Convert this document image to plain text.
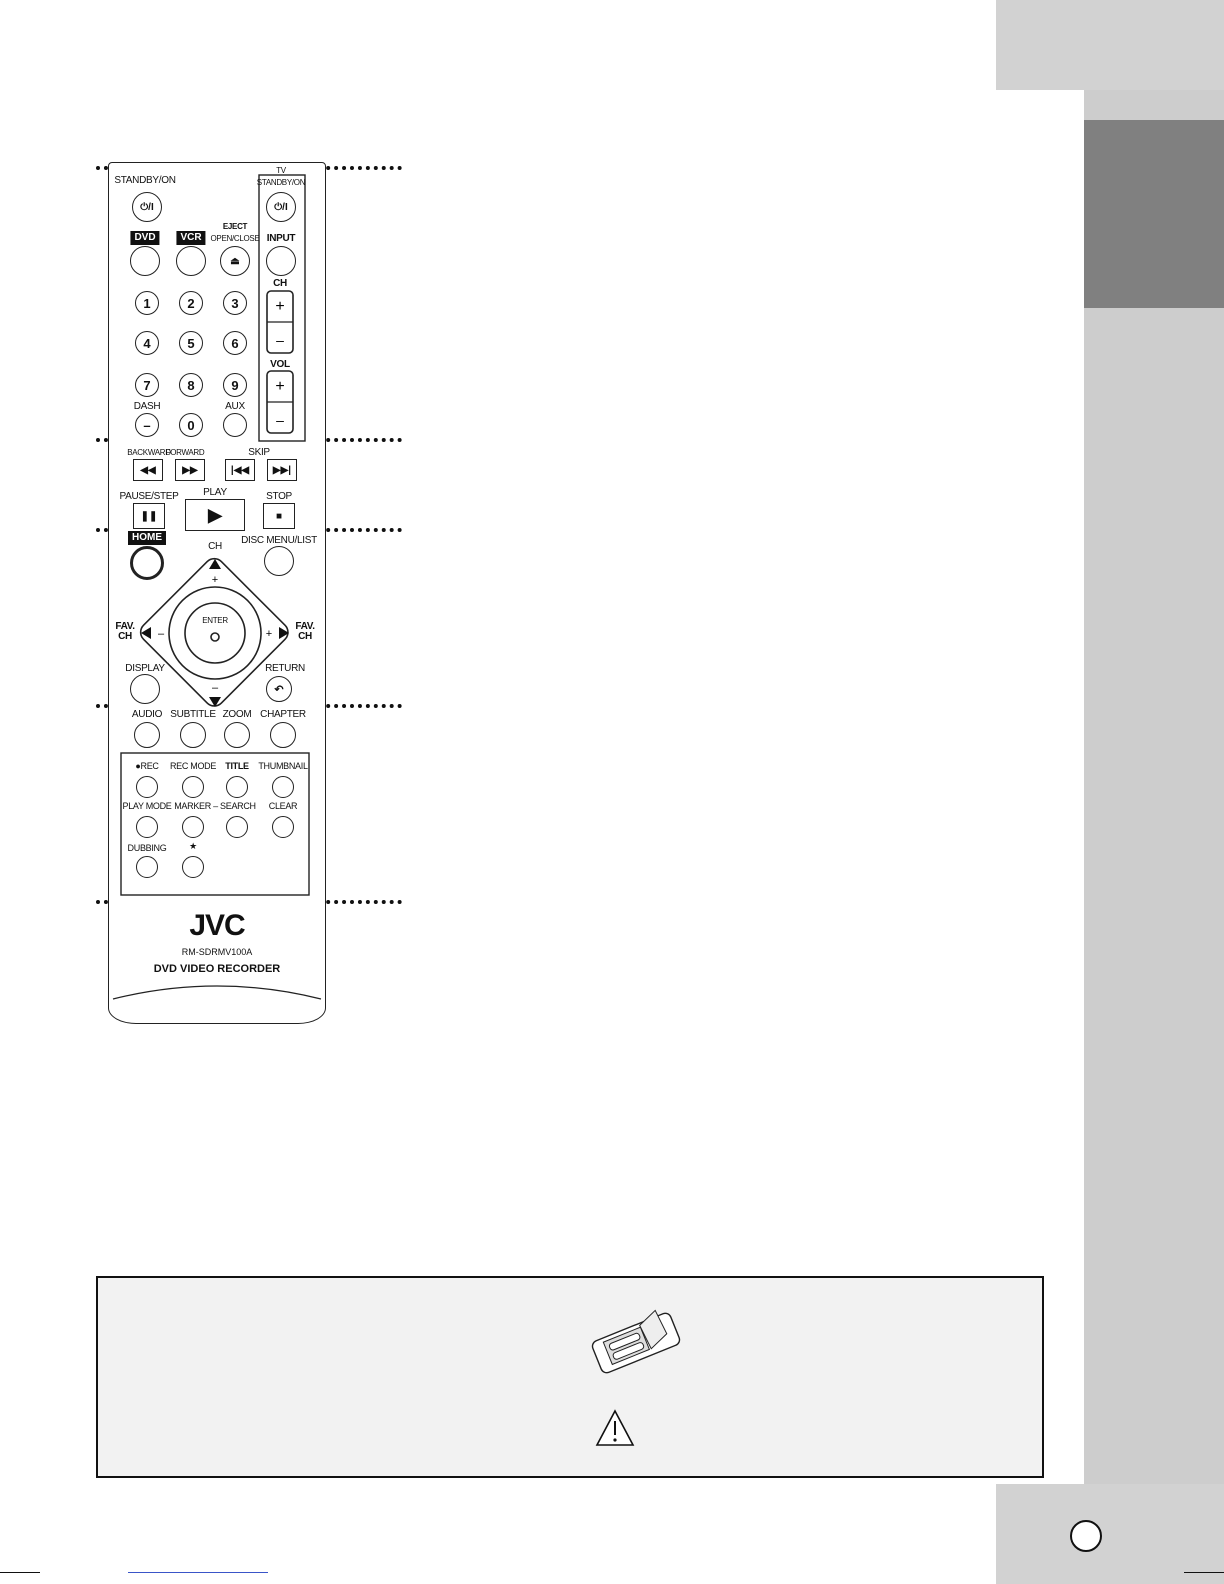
+
–
–	+
+
–
+
–
STANDBY/ON
TV
STANDBY/ON
⏻/I	⏻/I
DVD	VCR
EJECT
OPEN/CLOSE INPUT
⏏
CH
VOL
1	2	3
4	5	6
7	8	9
DASH	AUX
–	0
BACKWARD
FORWARD	SKIP
◀◀	▶▶	|◀◀ ▶▶|
PAUSE/STEP PLAY	STOP
❚❚	▶	■
HOME
CH
DISC MENU/LIST
FAV.
CH
FAV.
CH
ENTER
DISPLAY	RETURN
↶
AUDIO SUBTITLE ZOOM CHAPTER
●REC REC MODE TITLE THUMBNAIL
PLAY MODE MARKER – SEARCH CLEAR
DUBBING	★
JVC
RM-SDRMV100A
DVD VIDEO RECORDER
